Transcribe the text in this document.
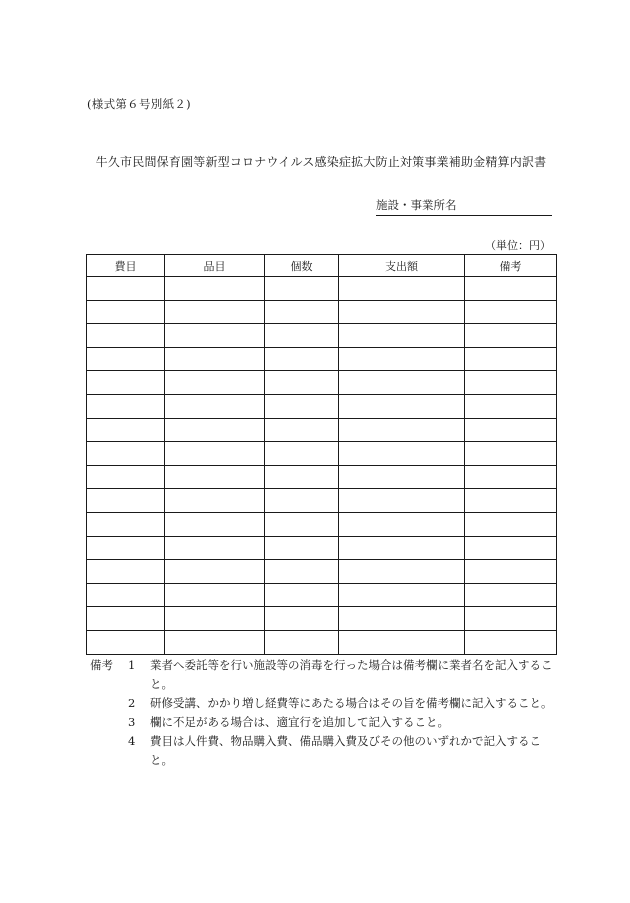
(様式第６号別紙２)
牛久市民間保育園等新型コロナウイルス感染症拡大防止対策事業補助金精算内訳書
施設・事業所名
（単位：円）
費目	品目	個数	支出額	備考

備考	1	業者へ委託等を行い施設等の消毒を行った場合は備考欄に業者名を記入すること。
2	研修受講、かかり増し経費等にあたる場合はその旨を備考欄に記入すること。
3	欄に不足がある場合は、適宜行を追加して記入すること。
4	費目は人件費、物品購入費、備品購入費及びその他のいずれかで記入すること。
